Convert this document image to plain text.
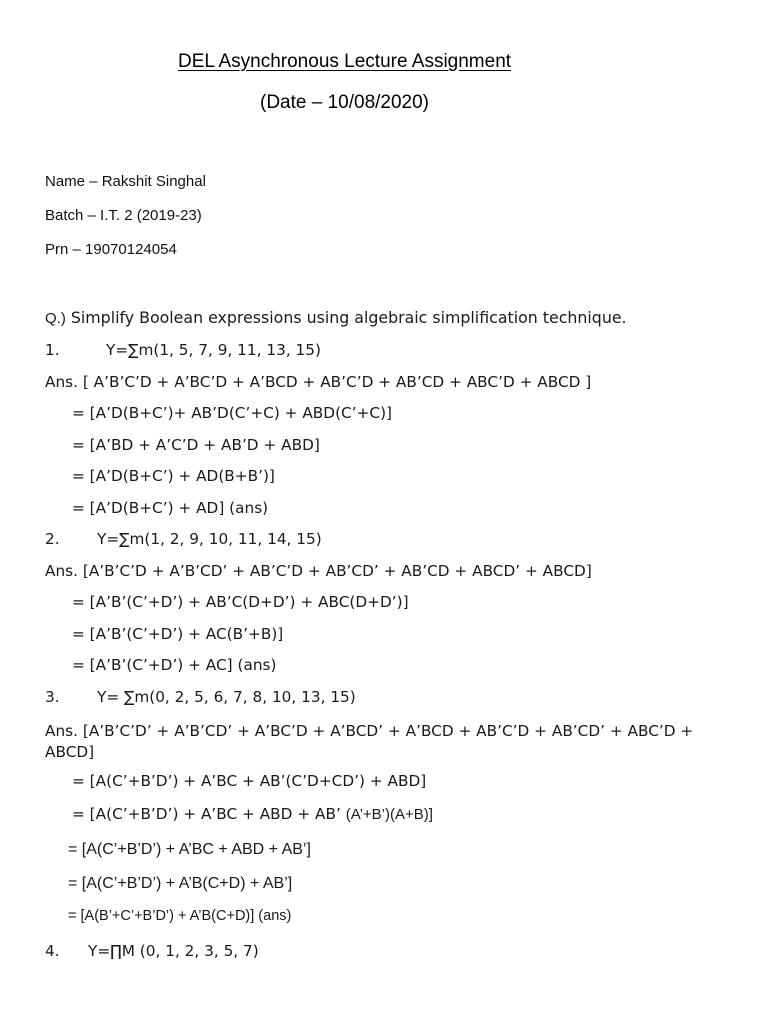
DEL Asynchronous Lecture Assignment
(Date – 10/08/2020)
Name – Rakshit Singhal
Batch – I.T. 2 (2019-23)
Prn – 19070124054
Q.) Simplify Boolean expressions using algebraic simplification technique.
1.	Y=∑m(1, 5, 7, 9, 11, 13, 15)
Ans. [ A’B’C’D + A’BC’D + A’BCD + AB’C’D + AB’CD + ABC’D + ABCD ]
= [A’D(B+C’)+ AB’D(C’+C) + ABD(C’+C)]
= [A’BD + A’C’D + AB’D + ABD]
= [A’D(B+C’) + AD(B+B’)]
= [A’D(B+C’) + AD] (ans)
2. Y=∑m(1, 2, 9, 10, 11, 14, 15)
Ans. [A’B’C’D + A’B’CD’ + AB’C’D + AB’CD’ + AB’CD + ABCD’ + ABCD]
= [A’B’(C’+D’) + AB’C(D+D’) + ABC(D+D’)]
= [A’B’(C’+D’) + AC(B’+B)]
= [A’B’(C’+D’) + AC] (ans)
3. Y= ∑m(0, 2, 5, 6, 7, 8, 10, 13, 15)
Ans. [A’B’C’D’ + A’B’CD’ + A’BC’D + A’BCD’ + A’BCD + AB’C’D + AB’CD’ + ABC’D + ABCD]
= [A(C’+B’D’) + A’BC + AB’(C’D+CD’) + ABD]
= [A(C’+B’D’) + A’BC + ABD + AB’ (A’+B’)(A+B)]
= [A(C’+B’D’) + A’BC + ABD + AB’]
= [A(C’+B’D’) + A’B(C+D) + AB’]
= [A(B’+C’+B’D’) + A’B(C+D)] (ans)
4. Y=∏M (0, 1, 2, 3, 5, 7)
